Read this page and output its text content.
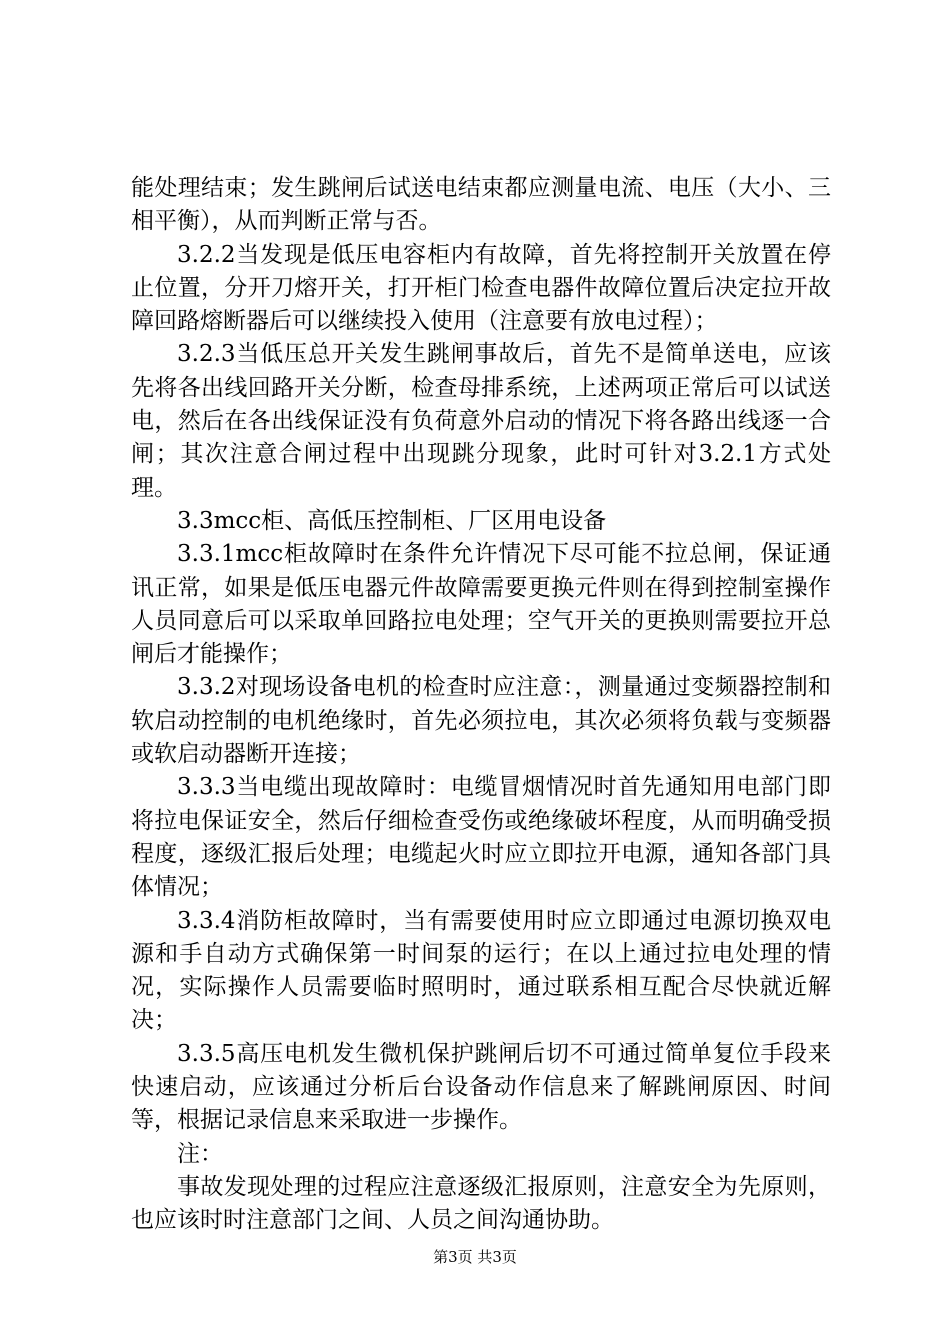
能处理结束；发生跳闸后试送电结束都应测量电流、电压（大小、三相平衡），从而判断正常与否。

3.2.2当发现是低压电容柜内有故障，首先将控制开关放置在停止位置，分开刀熔开关，打开柜门检查电器件故障位置后决定拉开故障回路熔断器后可以继续投入使用（注意要有放电过程）；

3.2.3当低压总开关发生跳闸事故后，首先不是简单送电，应该先将各出线回路开关分断，检查母排系统，上述两项正常后可以试送电，然后在各出线保证没有负荷意外启动的情况下将各路出线逐一合闸；其次注意合闸过程中出现跳分现象，此时可针对3.2.1方式处理。

3.3mcc柜、高低压控制柜、厂区用电设备

3.3.1mcc柜故障时在条件允许情况下尽可能不拉总闸，保证通讯正常，如果是低压电器元件故障需要更换元件则在得到控制室操作人员同意后可以采取单回路拉电处理；空气开关的更换则需要拉开总闸后才能操作；

3.3.2对现场设备电机的检查时应注意：，测量通过变频器控制和软启动控制的电机绝缘时，首先必须拉电，其次必须将负载与变频器或软启动器断开连接；

3.3.3当电缆出现故障时：电缆冒烟情况时首先通知用电部门即将拉电保证安全，然后仔细检查受伤或绝缘破坏程度，从而明确受损程度，逐级汇报后处理；电缆起火时应立即拉开电源，通知各部门具体情况；

3.3.4消防柜故障时，当有需要使用时应立即通过电源切换双电源和手自动方式确保第一时间泵的运行；在以上通过拉电处理的情况，实际操作人员需要临时照明时，通过联系相互配合尽快就近解决；

3.3.5高压电机发生微机保护跳闸后切不可通过简单复位手段来快速启动，应该通过分析后台设备动作信息来了解跳闸原因、时间等，根据记录信息来采取进一步操作。

注：

事故发现处理的过程应注意逐级汇报原则，注意安全为先原则，也应该时时注意部门之间、人员之间沟通协助。

第3页 共3页
